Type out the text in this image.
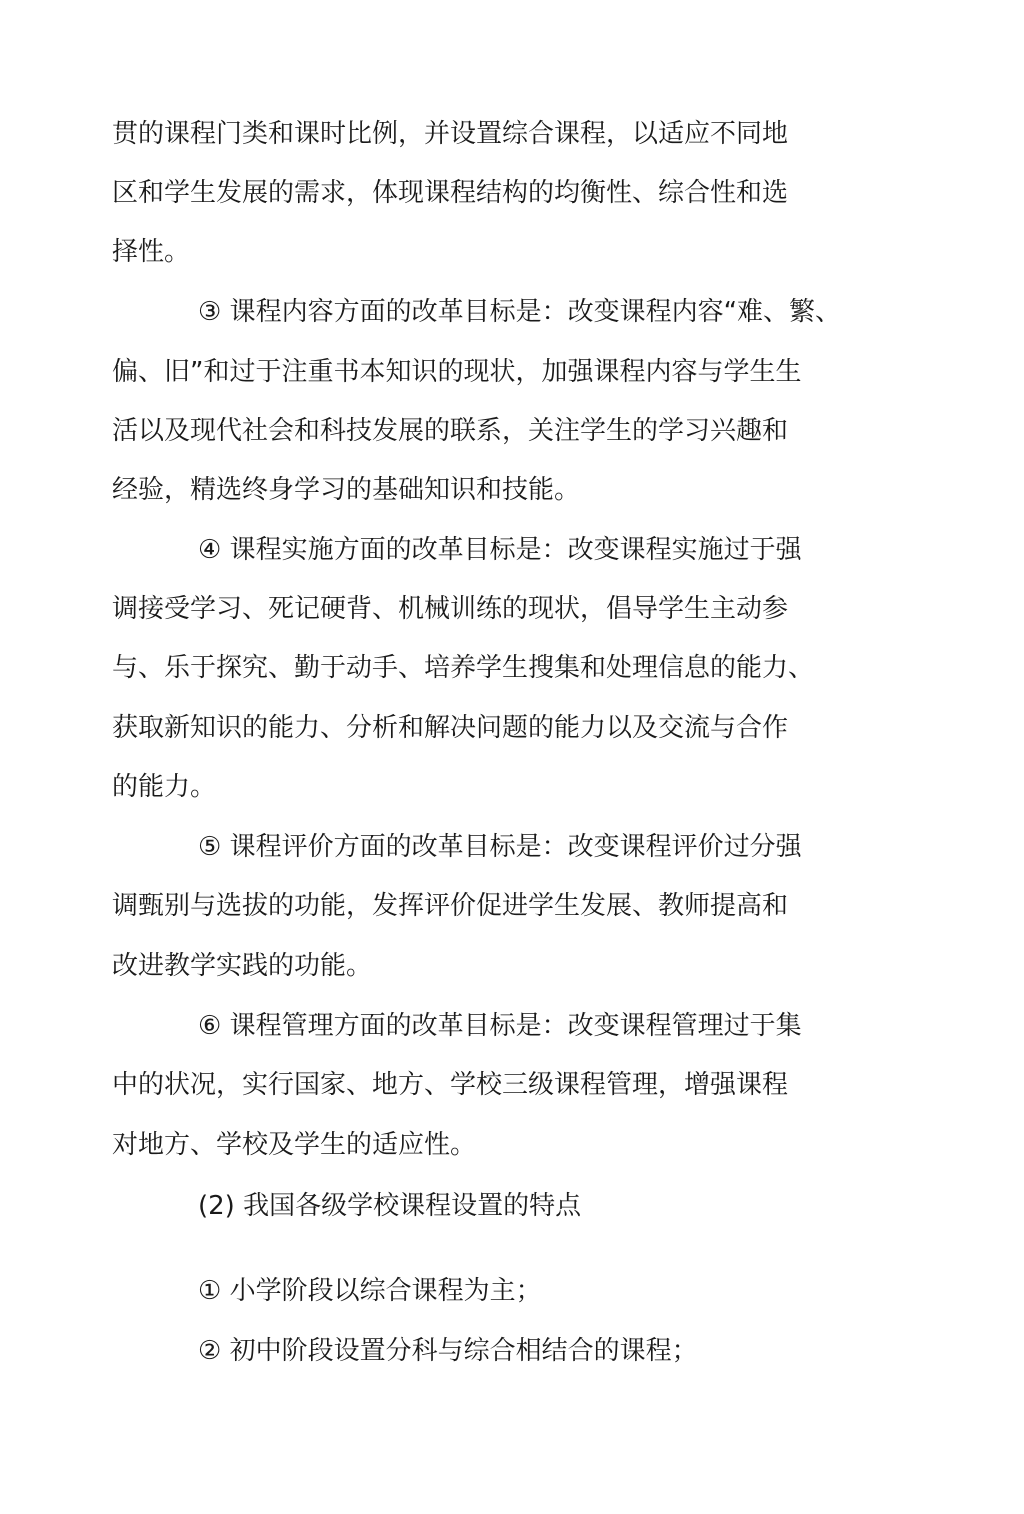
贯的课程门类和课时比例，并设置综合课程，以适应不同地
区和学生发展的需求，体现课程结构的均衡性、综合性和选
择性。
③ 课程内容方面的改革目标是：改变课程内容“难、繁、
偏、旧”和过于注重书本知识的现状，加强课程内容与学生生
活以及现代社会和科技发展的联系，关注学生的学习兴趣和
经验，精选终身学习的基础知识和技能。
④ 课程实施方面的改革目标是：改变课程实施过于强
调接受学习、死记硬背、机械训练的现状，倡导学生主动参
与、乐于探究、勤于动手、培养学生搜集和处理信息的能力、
获取新知识的能力、分析和解决问题的能力以及交流与合作
的能力。
⑤ 课程评价方面的改革目标是：改变课程评价过分强
调甄别与选拔的功能，发挥评价促进学生发展、教师提高和
改进教学实践的功能。
⑥ 课程管理方面的改革目标是：改变课程管理过于集
中的状况，实行国家、地方、学校三级课程管理，增强课程
对地方、学校及学生的适应性。
(2) 我国各级学校课程设置的特点
① 小学阶段以综合课程为主；
② 初中阶段设置分科与综合相结合的课程；
